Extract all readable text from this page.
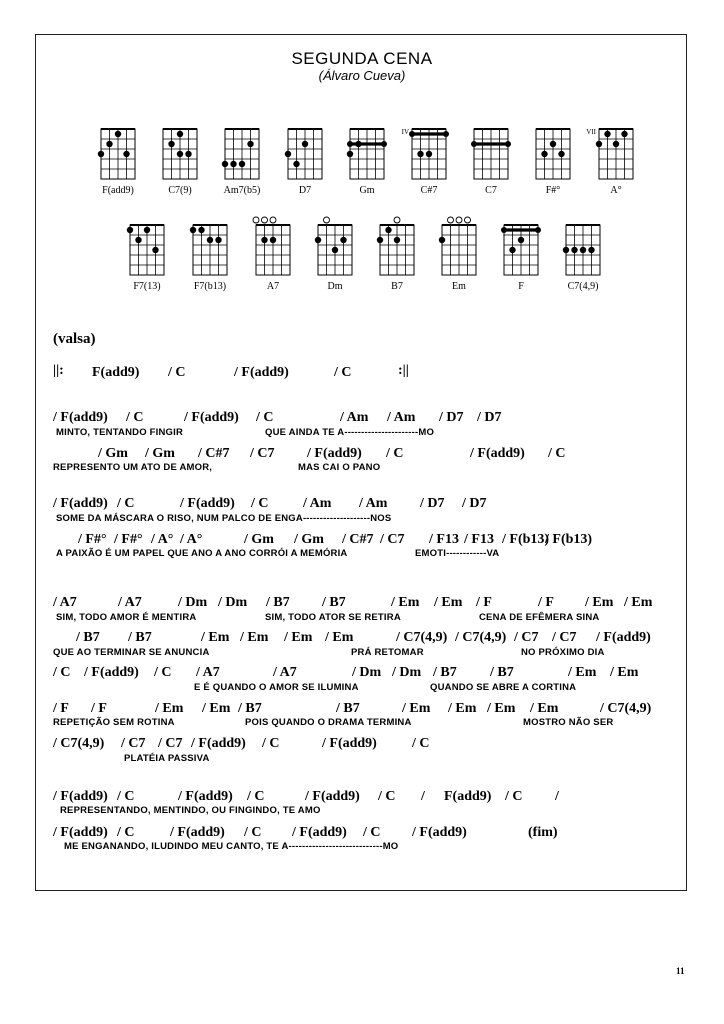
SEGUNDA CENA
(Álvaro Cueva)
F(add9)	C7(9)	Am7(b5)	D7	Gm
IV
C#7	C7	F#°
VII
A°
F7(13)	F7(b13)	A7	Dm	B7	Em	F	C7(4,9)
(valsa)
||: F(add9) / C	/ F(add9)	/ C	:||
/ F(add9) / C	/ F(add9) / C	/ Am / Am / D7 / D7
/ Gm / Gm / C#7 / C7 / F(add9) / C	/ F(add9) / C
/ F(add9) / C	/ F(add9) / C / Am / Am / D7 / D7
/ F#° / F#° / A° / A°	/ Gm / Gm / C#7 / C7 / F13 / F13 / F(b13)
/ F(b13)
/ A7	/ A7	/ Dm / Dm / B7 / B7	/ Em / Em / F	/ F / Em / Em
/ B7 / B7	/ Em / Em / Em / Em	/ C7(4,9) / C7(4,9) / C7 / C7 / F(add9)
/ C / F(add9) / C / A7	/ A7	/ Dm / Dm / B7 / B7	/ Em / Em
/ F / F	/ Em / Em / B7	/ B7	/ Em / Em / Em / Em	/ C7(4,9)
/ C7(4,9) / C7 / C7 / F(add9) / C	/ F(add9)	/ C
/ F(add9) / C	/ F(add9) / C	/ F(add9) / C / F(add9) / C /
/ F(add9) / C	/ F(add9) / C / F(add9) / C / F(add9)	(fim)
MINTO, TENTANDO FINGIR	QUE AINDA TE A----------------------MO
REPRESENTO UM ATO DE AMOR,	MAS CAI O PANO
SOME DA MÁSCARA O RISO, NUM PALCO DE ENGA--------------------NOS
A PAIXÃO É UM PAPEL QUE ANO A ANO CORRÓI A MEMÓRIA	EMOTI------------VA
SIM, TODO AMOR É MENTIRA	SIM, TODO ATOR SE RETIRA	CENA DE EFÊMERA SINA
QUE AO TERMINAR SE ANUNCIA	PRÁ RETOMAR	NO PRÓXIMO DIA
E É QUANDO O AMOR SE ILUMINA	QUANDO SE ABRE A CORTINA
REPETIÇÃO SEM ROTINA	POIS QUANDO O DRAMA TERMINA	MOSTRO NÃO SER
PLATÉIA PASSIVA
REPRESENTANDO, MENTINDO, OU FINGINDO, TE AMO
ME ENGANANDO, ILUDINDO MEU CANTO, TE A----------------------------MO
11
